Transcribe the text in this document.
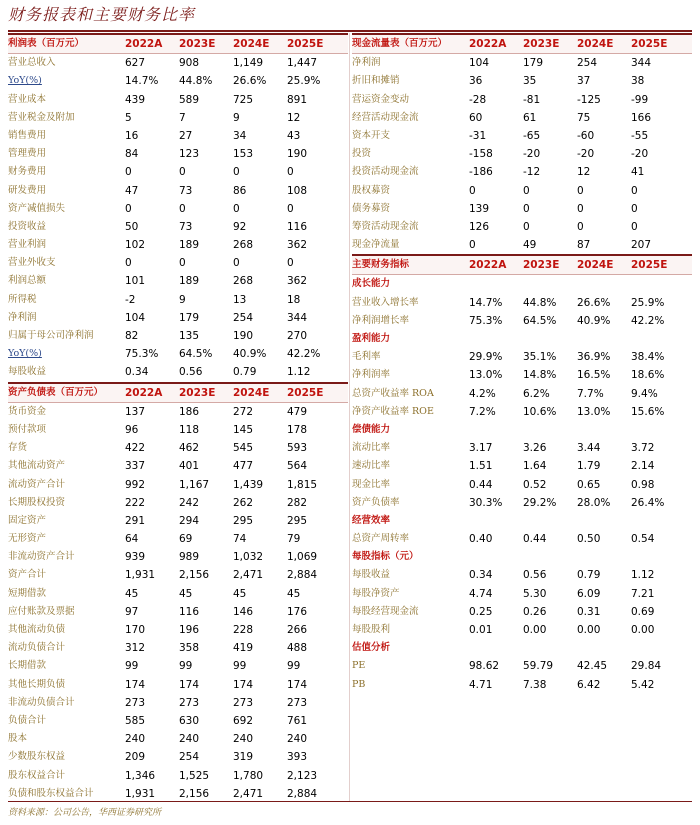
财务报表和主要财务比率
利润表（百万元）	2022A	2023E	2024E	2025E
营业总收入	627	908	1,149	1,447
YoY(%)	14.7%	44.8%	26.6%	25.9%
营业成本	439	589	725	891
营业税金及附加	5	7	9	12
销售费用	16	27	34	43
管理费用	84	123	153	190
财务费用	0	0	0	0
研发费用	47	73	86	108
资产减值损失	0	0	0	0
投资收益	50	73	92	116
营业利润	102	189	268	362
营业外收支	0	0	0	0
利润总额	101	189	268	362
所得税	-2	9	13	18
净利润	104	179	254	344
归属于母公司净利润	82	135	190	270
YoY(%)	75.3%	64.5%	40.9%	42.2%
每股收益	0.34	0.56	0.79	1.12
资产负债表（百万元）	2022A	2023E	2024E	2025E
货币资金	137	186	272	479
预付款项	96	118	145	178
存货	422	462	545	593
其他流动资产	337	401	477	564
流动资产合计	992	1,167	1,439	1,815
长期股权投资	222	242	262	282
固定资产	291	294	295	295
无形资产	64	69	74	79
非流动资产合计	939	989	1,032	1,069
资产合计	1,931	2,156	2,471	2,884
短期借款	45	45	45	45
应付账款及票据	97	116	146	176
其他流动负债	170	196	228	266
流动负债合计	312	358	419	488
长期借款	99	99	99	99
其他长期负债	174	174	174	174
非流动负债合计	273	273	273	273
负债合计	585	630	692	761
股本	240	240	240	240
少数股东权益	209	254	319	393
股东权益合计	1,346	1,525	1,780	2,123
负债和股东权益合计	1,931	2,156	2,471	2,884
现金流量表（百万元）	2022A	2023E	2024E	2025E
净利润	104	179	254	344
折旧和摊销	36	35	37	38
营运资金变动	-28	-81	-125	-99
经营活动现金流	60	61	75	166
资本开支	-31	-65	-60	-55
投资	-158	-20	-20	-20
投资活动现金流	-186	-12	12	41
股权募资	0	0	0	0
债务募资	139	0	0	0
筹资活动现金流	126	0	0	0
现金净流量	0	49	87	207
主要财务指标	2022A	2023E	2024E	2025E
成长能力
营业收入增长率	14.7%	44.8%	26.6%	25.9%
净利润增长率	75.3%	64.5%	40.9%	42.2%
盈利能力
毛利率	29.9%	35.1%	36.9%	38.4%
净利润率	13.0%	14.8%	16.5%	18.6%
总资产收益率 ROA	4.2%	6.2%	7.7%	9.4%
净资产收益率 ROE	7.2%	10.6%	13.0%	15.6%
偿债能力
流动比率	3.17	3.26	3.44	3.72
速动比率	1.51	1.64	1.79	2.14
现金比率	0.44	0.52	0.65	0.98
资产负债率	30.3%	29.2%	28.0%	26.4%
经营效率
总资产周转率	0.40	0.44	0.50	0.54
每股指标（元）
每股收益	0.34	0.56	0.79	1.12
每股净资产	4.74	5.30	6.09	7.21
每股经营现金流	0.25	0.26	0.31	0.69
每股股利	0.01	0.00	0.00	0.00
估值分析
PE	98.62	59.79	42.45	29.84
PB	4.71	7.38	6.42	5.42
资料来源：公司公告，华西证券研究所
